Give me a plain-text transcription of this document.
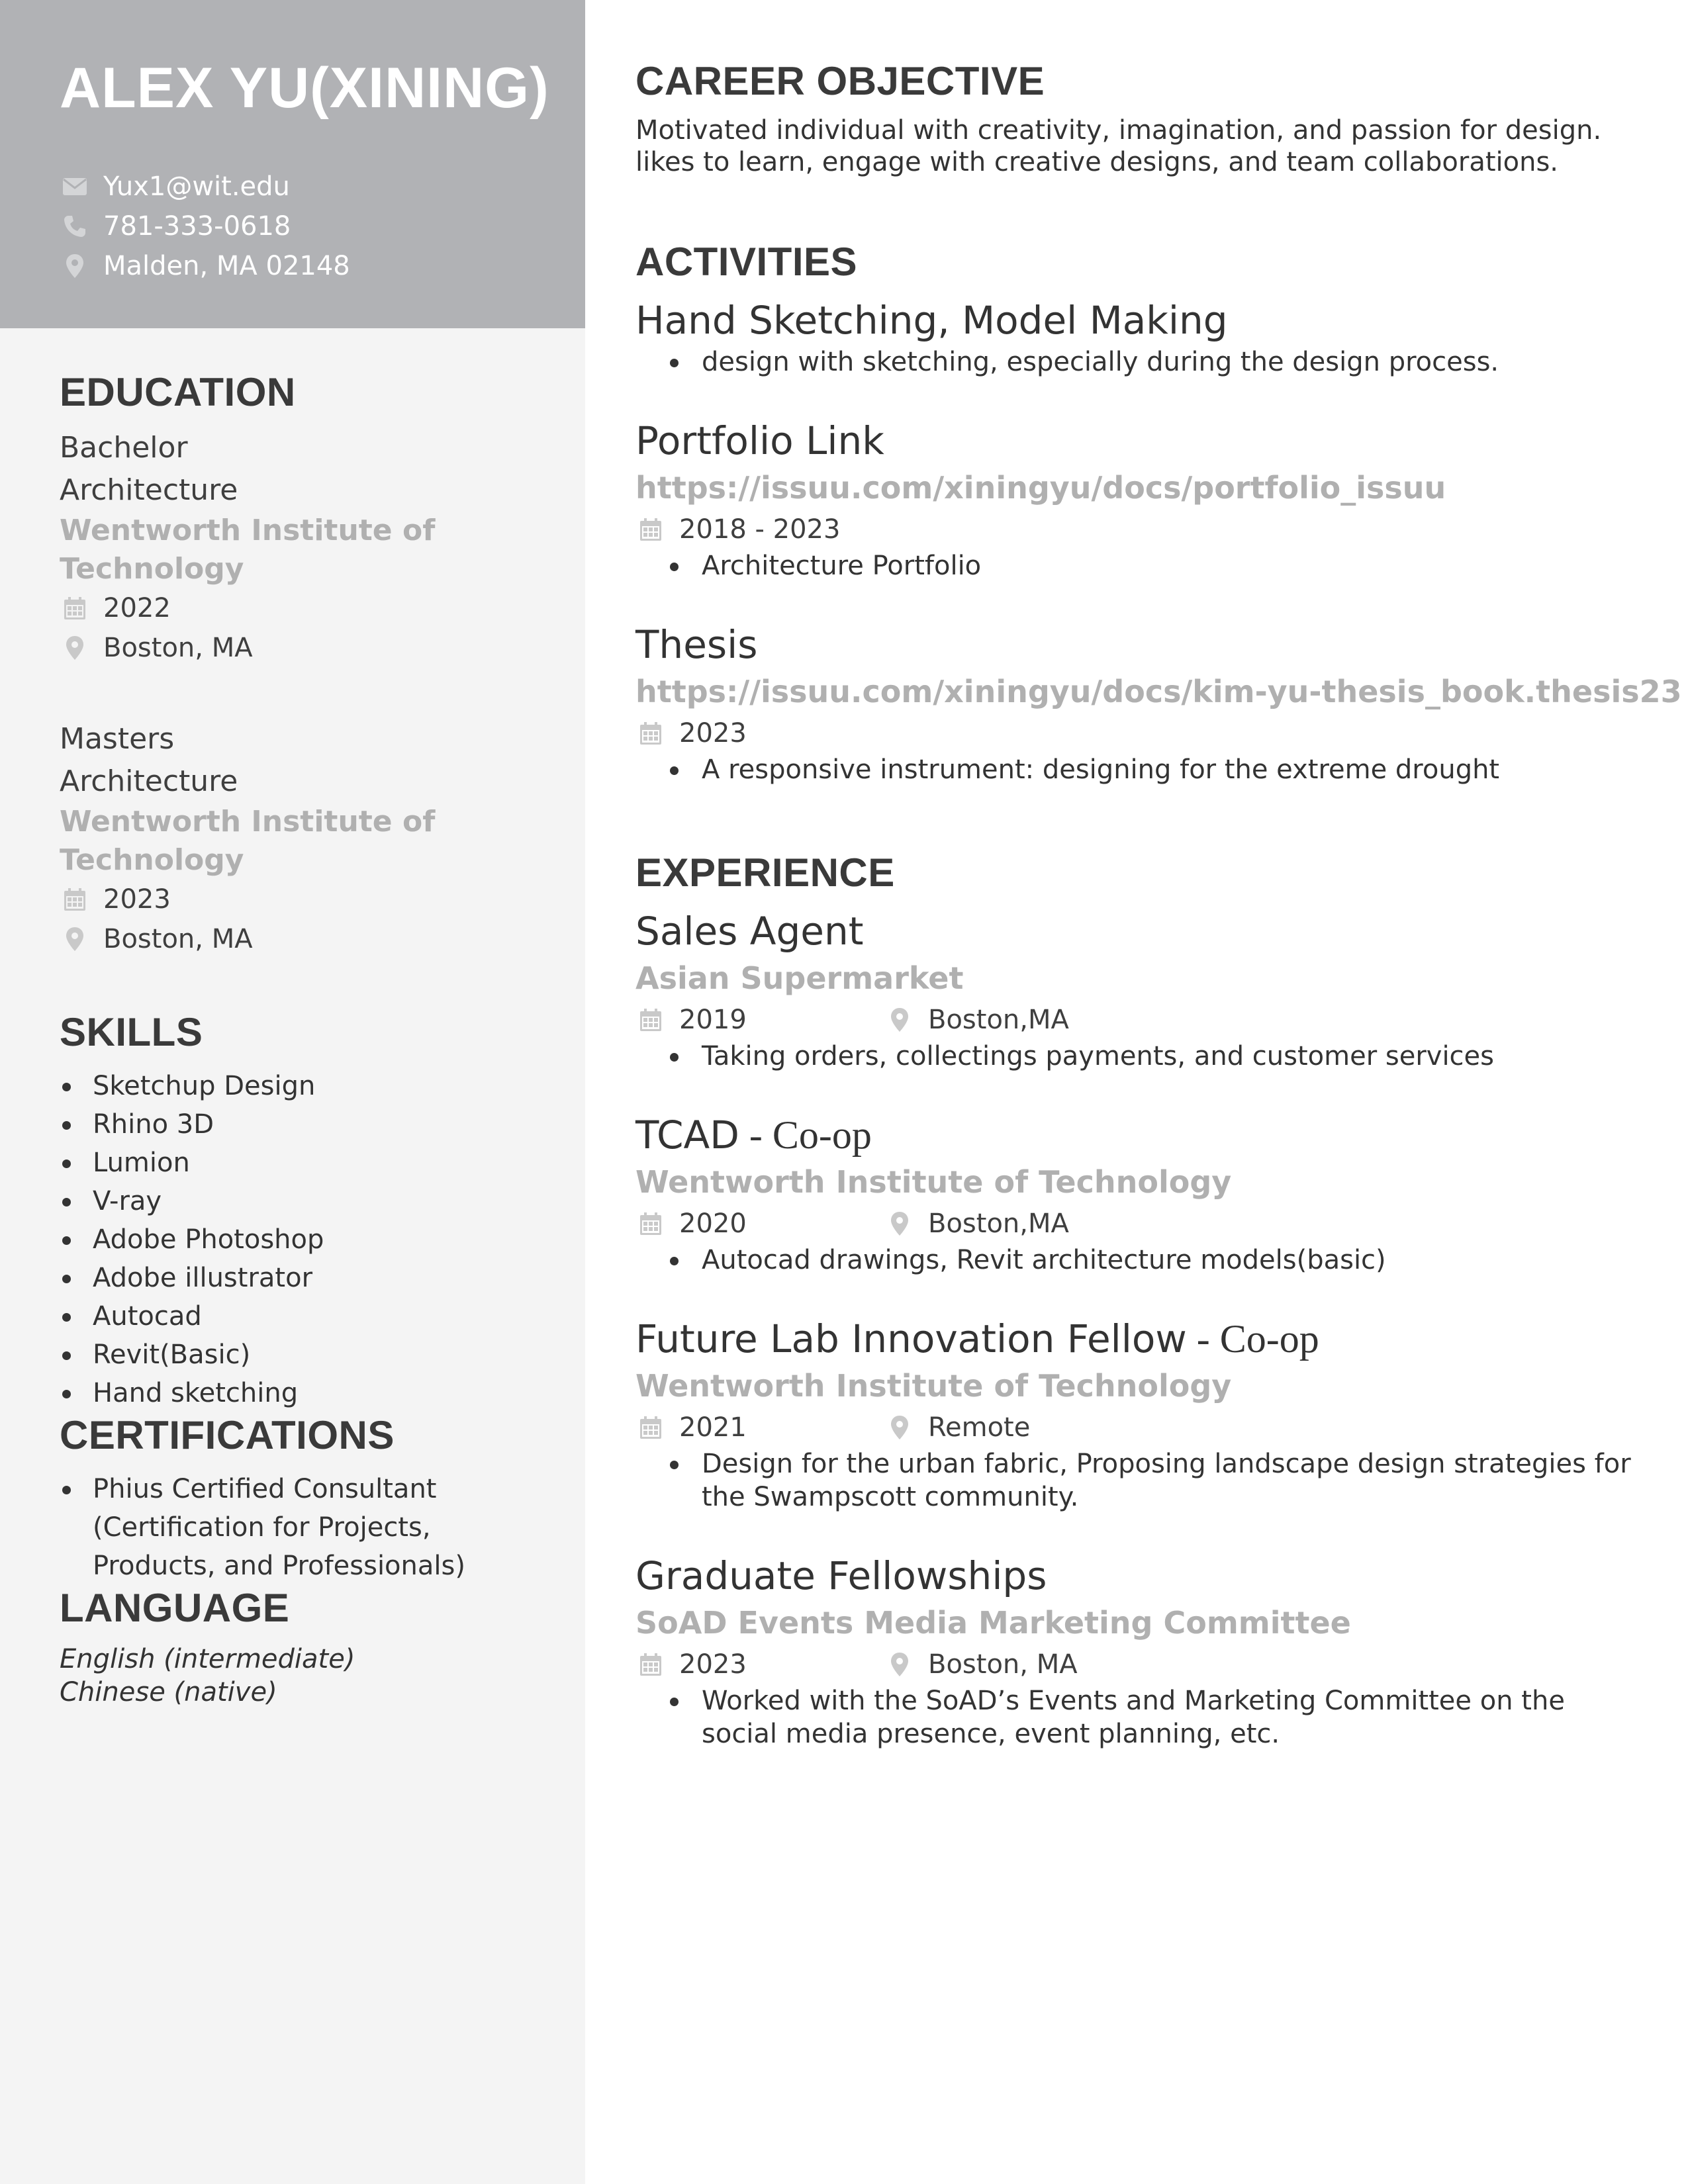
ALEX YU(XINING)
Yux1@wit.edu
781-333-0618
Malden, MA 02148
EDUCATION
Bachelor
Architecture
Wentworth Institute of Technology
2022
Boston, MA
Masters
Architecture
Wentworth Institute of Technology
2023
Boston, MA
SKILLS
Sketchup Design
Rhino 3D
Lumion
V-ray
Adobe Photoshop
Adobe illustrator
Autocad
Revit(Basic)
Hand sketching
CERTIFICATIONS
Phius Certified Consultant (Certification for Projects, Products, and Professionals)
LANGUAGE
English (intermediate)
Chinese (native)
CAREER OBJECTIVE
Motivated individual with creativity, imagination, and passion for design. likes to learn, engage with creative designs, and team collaborations.
ACTIVITIES
Hand Sketching, Model Making
design with sketching, especially during the design process.
Portfolio Link
https://issuu.com/xiningyu/docs/portfolio_issuu
2018 - 2023
Architecture Portfolio
Thesis
https://issuu.com/xiningyu/docs/kim-yu-thesis_book.thesis23
2023
A responsive instrument: designing for the extreme drought
EXPERIENCE
Sales Agent
Asian Supermarket
2019	Boston,MA
Taking orders, collectings payments, and customer services
TCAD - Co-op
Wentworth Institute of Technology
2020	Boston,MA
Autocad drawings, Revit architecture models(basic)
Future Lab Innovation Fellow - Co-op
Wentworth Institute of Technology
2021	Remote
Design for the urban fabric, Proposing landscape design strategies for the Swampscott community.
Graduate Fellowships
SoAD Events Media Marketing Committee
2023	Boston, MA
Worked with the SoAD’s Events and Marketing Committee on the social media presence, event planning, etc.
